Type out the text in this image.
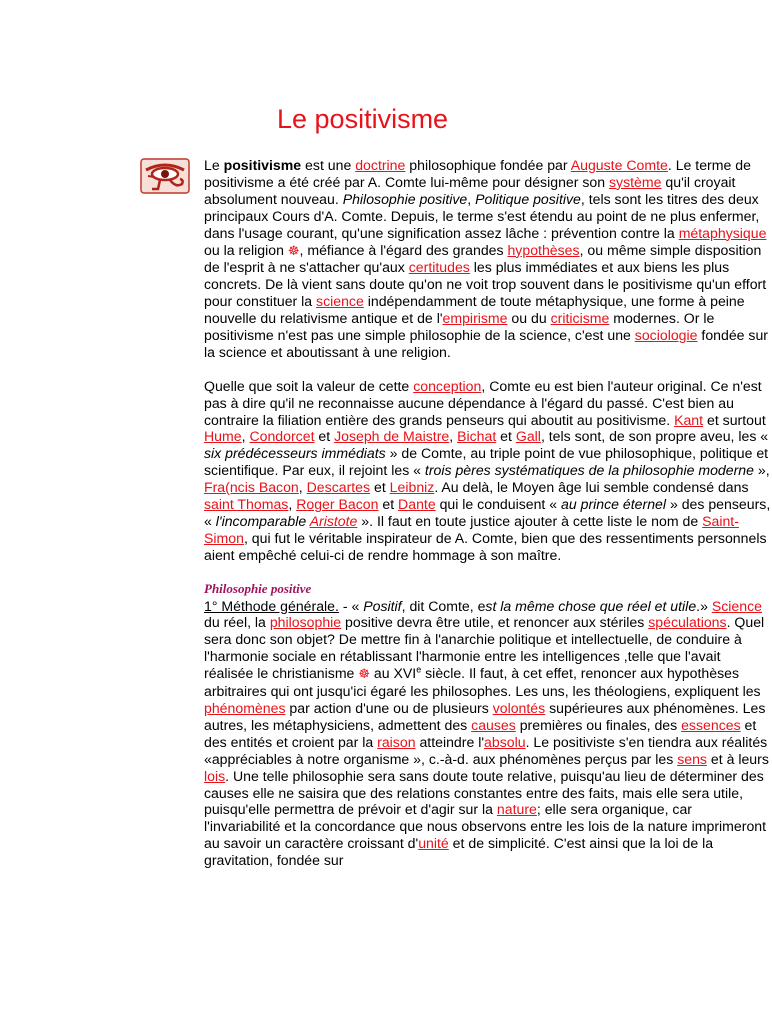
Le positivisme

Le positivisme est une doctrine philosophique fondée par Auguste Comte. Le terme de positivisme a été créé par A. Comte lui-même pour désigner son système qu'il croyait absolument nouveau. Philosophie positive, Politique positive, tels sont les titres des deux principaux Cours d'A. Comte. Depuis, le terme s'est étendu au point de ne plus enfermer, dans l'usage courant, qu'une signification assez lâche : prévention contre la métaphysique ou la religion ☸, méfiance à l'égard des grandes hypothèses, ou même simple disposition de l'esprit à ne s'attacher qu'aux certitudes les plus immédiates et aux biens les plus concrets. De là vient sans doute qu'on ne voit trop souvent dans le positivisme qu'un effort pour constituer la science indépendamment de toute métaphysique, une forme à peine nouvelle du relativisme antique et de l'empirisme ou du criticisme modernes. Or le positivisme n'est pas une simple philosophie de la science, c'est une sociologie fondée sur la science et aboutissant à une religion.

Quelle que soit la valeur de cette conception, Comte eu est bien l'auteur original. Ce n'est pas à dire qu'il ne reconnaisse aucune dépendance à l'égard du passé. C'est bien au contraire la filiation entière des grands penseurs qui aboutit au positivisme. Kant et surtout Hume, Condorcet et Joseph de Maistre, Bichat et Gall, tels sont, de son propre aveu, les « six prédécesseurs immédiats » de Comte, au triple point de vue philosophique, politique et scientifique. Par eux, il rejoint les « trois pères systématiques de la philosophie moderne », Fra(ncis Bacon, Descartes et Leibniz. Au delà, le Moyen âge lui semble condensé dans saint Thomas, Roger Bacon et Dante qui le conduisent « au prince éternel » des penseurs, « l'incomparable Aristote ». Il faut en toute justice ajouter à cette liste le nom de Saint-Simon, qui fut le véritable inspirateur de A. Comte, bien que des ressentiments personnels aient empêché celui-ci de rendre hommage à son maître.

Philosophie positive

1° Méthode générale. - « Positif, dit Comte, est la même chose que réel et utile.» Science du réel, la philosophie positive devra être utile, et renoncer aux stériles spéculations. Quel sera donc son objet? De mettre fin à l'anarchie politique et intellectuelle, de conduire à l'harmonie sociale en rétablissant l'harmonie entre les intelligences ,telle que l'avait réalisée le christianisme ☸ au XVIe siècle. Il faut, à cet effet, renoncer aux hypothèses arbitraires qui ont jusqu'ici égaré les philosophes. Les uns, les théologiens, expliquent les phénomènes par action d'une ou de plusieurs volontés supérieures aux phénomènes. Les autres, les métaphysiciens, admettent des causes premières ou finales, des essences et des entités et croient par la raison atteindre l'absolu. Le positiviste s'en tiendra aux réalités «appréciables à notre organisme », c.-à-d. aux phénomènes perçus par les sens et à leurs lois. Une telle philosophie sera sans doute toute relative, puisqu'au lieu de déterminer des causes elle ne saisira que des relations constantes entre des faits, mais elle sera utile, puisqu'elle permettra de prévoir et d'agir sur la nature; elle sera organique, car l'invariabilité et la concordance que nous observons entre les lois de la nature imprimeront au savoir un caractère croissant d'unité et de simplicité. C'est ainsi que la loi de la gravitation, fondée sur
